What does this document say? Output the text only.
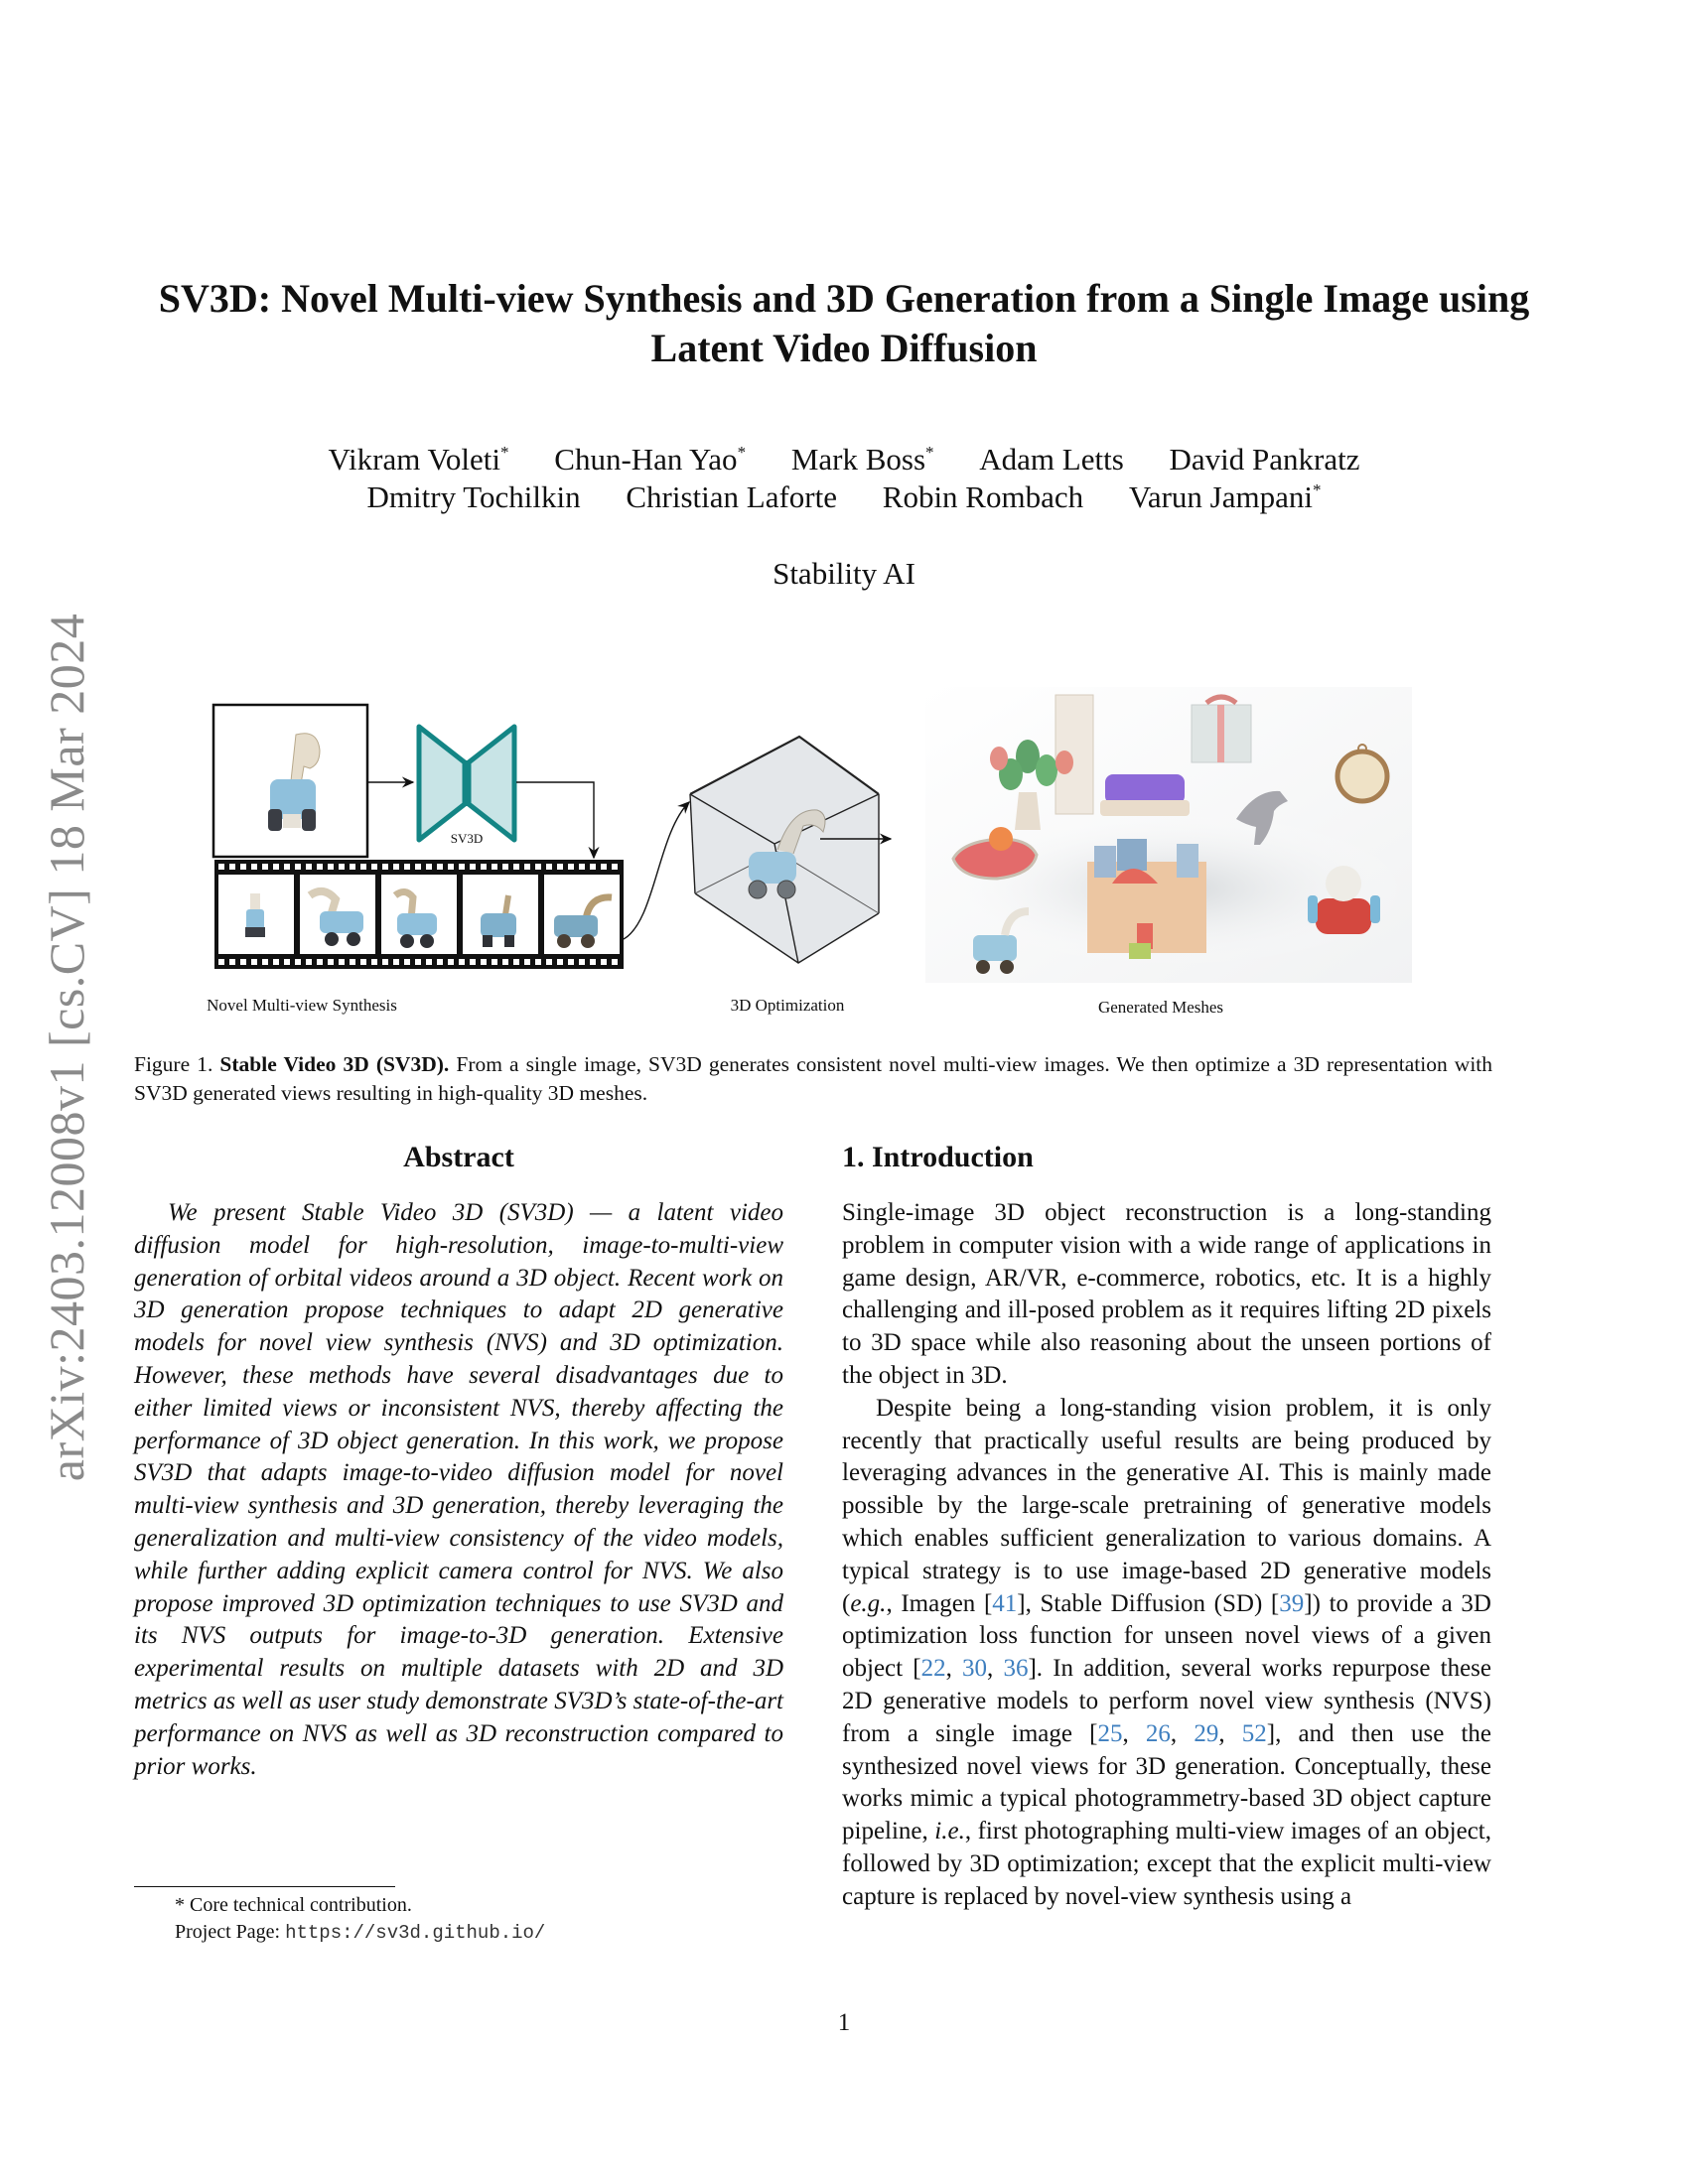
arXiv:2403.12008v1 [cs.CV] 18 Mar 2024
SV3D: Novel Multi-view Synthesis and 3D Generation from a Single Image using
Latent Video Diffusion
Vikram Voleti* Chun-Han Yao* Mark Boss* Adam Letts David Pankratz
Dmitry Tochilkin Christian Laforte Robin Rombach Varun Jampani*
Stability AI
SV3D
Novel Multi-view Synthesis	3D Optimization	Generated Meshes
Figure 1. Stable Video 3D (SV3D). From a single image, SV3D generates consistent novel multi-view images. We then optimize a 3D representation with SV3D generated views resulting in high-quality 3D meshes.
Abstract

We present Stable Video 3D (SV3D) — a latent video diffusion model for high-resolution, image-to-multi-view generation of orbital videos around a 3D object. Recent work on 3D generation propose techniques to adapt 2D generative models for novel view synthesis (NVS) and 3D optimization. However, these methods have several disadvantages due to either limited views or inconsistent NVS, thereby affecting the performance of 3D object generation. In this work, we propose SV3D that adapts image-to-video diffusion model for novel multi-view synthesis and 3D generation, thereby leveraging the generalization and multi-view consistency of the video models, while further adding explicit camera control for NVS. We also propose improved 3D optimization techniques to use SV3D and its NVS outputs for image-to-3D generation. Extensive experimental results on multiple datasets with 2D and 3D metrics as well as user study demonstrate SV3D’s state-of-the-art performance on NVS as well as 3D reconstruction compared to prior works.

1. Introduction

Single-image 3D object reconstruction is a long-standing problem in computer vision with a wide range of applications in game design, AR/VR, e-commerce, robotics, etc. It is a highly challenging and ill-posed problem as it requires lifting 2D pixels to 3D space while also reasoning about the unseen portions of the object in 3D.

Despite being a long-standing vision problem, it is only recently that practically useful results are being produced by leveraging advances in the generative AI. This is mainly made possible by the large-scale pretraining of generative models which enables sufficient generalization to various domains. A typical strategy is to use image-based 2D generative models (e.g., Imagen [41], Stable Diffusion (SD) [39]) to provide a 3D optimization loss function for unseen novel views of a given object [22, 30, 36]. In addition, several works repurpose these 2D generative models to perform novel view synthesis (NVS) from a single image [25, 26, 29, 52], and then use the synthesized novel views for 3D generation. Conceptually, these works mimic a typical photogrammetry-based 3D object capture pipeline, i.e., first photographing multi-view images of an object, followed by 3D optimization; except that the explicit multi-view capture is replaced by novel-view synthesis using a

* Core technical contribution.
Project Page: https://sv3d.github.io/
1
